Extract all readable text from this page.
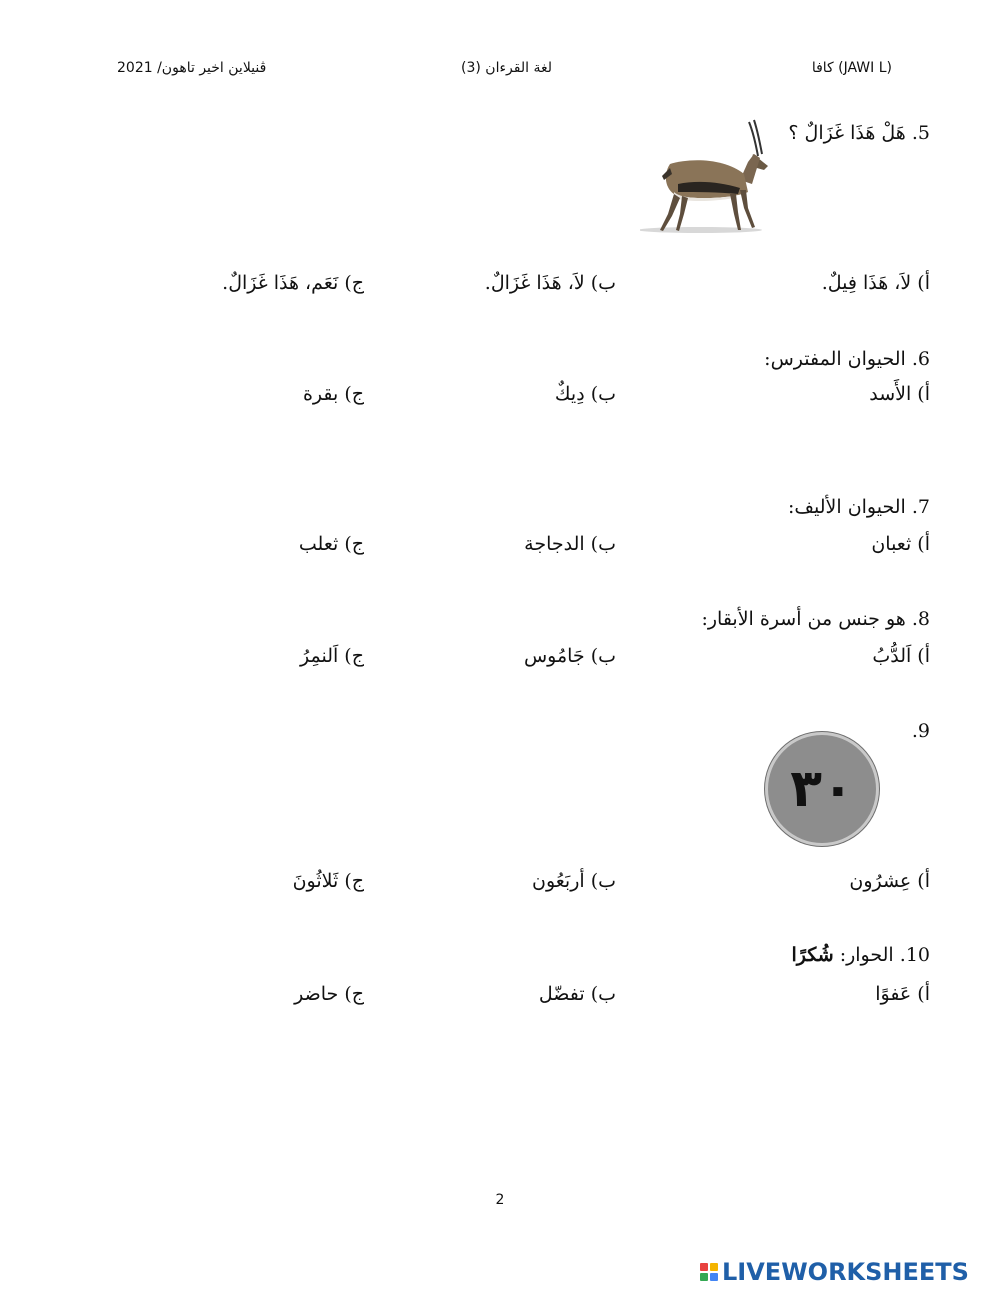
كافا (JAWI L)
لغة القرءان (3)
ڤنيلاين اخير تاهون/ 2021
5. هَلْ هَذَا غَزَالٌ ؟
أ) لاَ، هَذَا فِيلٌ.
ب) لاَ، هَذَا غَزَالٌ.
ج) نَعَم، هَذَا غَزَالٌ.
6. الحيوان المفترس:
أ) الأَسد
ب) دِيكٌ
ج) بقرة
7. الحيوان الأليف:
أ) ثعبان
ب) الدجاجة
ج) ثعلب
8. هو جنس من أسرة الأبقار:
أ) اَلدُّبُ
ب) جَامُوس
ج) اَلنمِرُ
9.
٣٠
أ) عِشرُون
ب) أربَعُون
ج) ثَلاثُونَ
10. الحوار: شُكرًا
أ) عَفوًا
ب) تفضّل
ج) حاضر
2
LIVEWORKSHEETS
